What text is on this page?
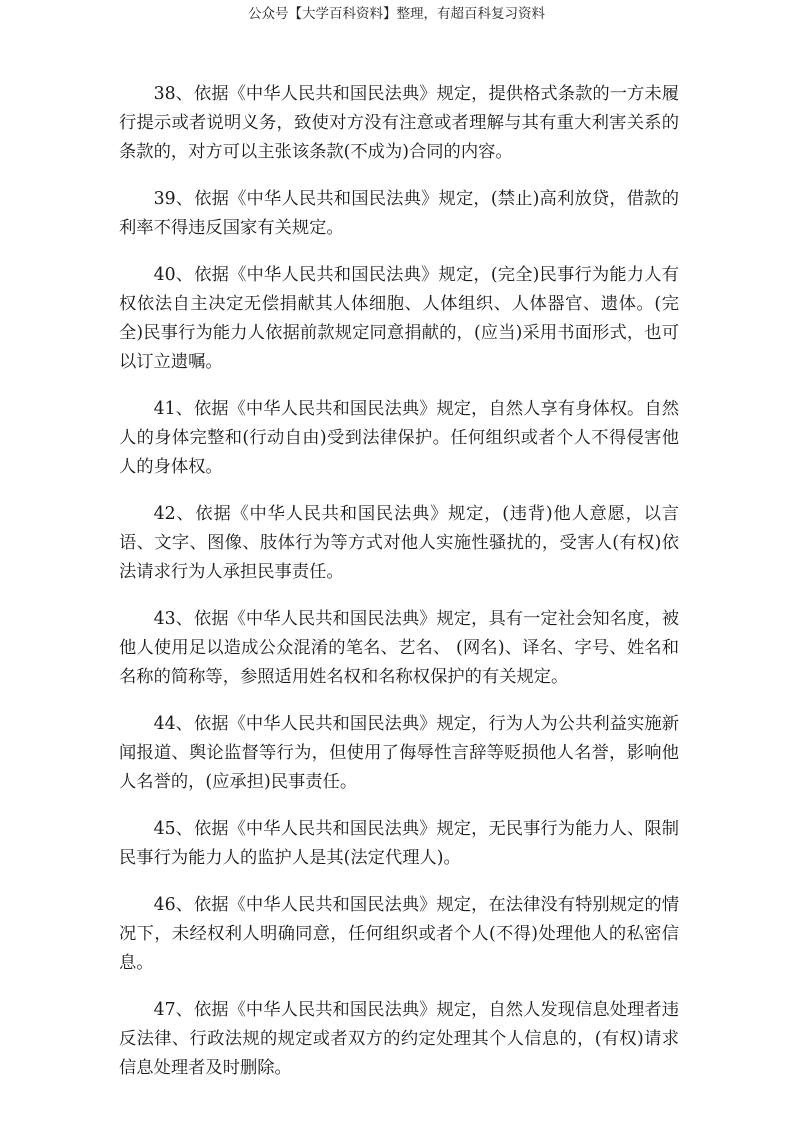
公众号【大学百科资料】整理，有超百科复习资料

38、依据《中华人民共和国民法典》规定，提供格式条款的一方未履行提示或者说明义务，致使对方没有注意或者理解与其有重大利害关系的条款的，对方可以主张该条款(不成为)合同的内容。

39、依据《中华人民共和国民法典》规定，(禁止)高利放贷，借款的利率不得违反国家有关规定。

40、依据《中华人民共和国民法典》规定，(完全)民事行为能力人有权依法自主决定无偿捐献其人体细胞、人体组织、人体器官、遗体。(完全)民事行为能力人依据前款规定同意捐献的，(应当)采用书面形式，也可以订立遗嘱。

41、依据《中华人民共和国民法典》规定，自然人享有身体权。自然人的身体完整和(行动自由)受到法律保护。任何组织或者个人不得侵害他人的身体权。

42、依据《中华人民共和国民法典》规定，(违背)他人意愿，以言语、文字、图像、肢体行为等方式对他人实施性骚扰的，受害人(有权)依法请求行为人承担民事责任。

43、依据《中华人民共和国民法典》规定，具有一定社会知名度，被他人使用足以造成公众混淆的笔名、艺名、 (网名)、译名、字号、姓名和名称的简称等，参照适用姓名权和名称权保护的有关规定。

44、依据《中华人民共和国民法典》规定，行为人为公共利益实施新闻报道、舆论监督等行为，但使用了侮辱性言辞等贬损他人名誉，影响他人名誉的，(应承担)民事责任。

45、依据《中华人民共和国民法典》规定，无民事行为能力人、限制民事行为能力人的监护人是其(法定代理人)。

46、依据《中华人民共和国民法典》规定，在法律没有特别规定的情况下，未经权利人明确同意，任何组织或者个人(不得)处理他人的私密信息。

47、依据《中华人民共和国民法典》规定，自然人发现信息处理者违反法律、行政法规的规定或者双方的约定处理其个人信息的，(有权)请求信息处理者及时删除。
